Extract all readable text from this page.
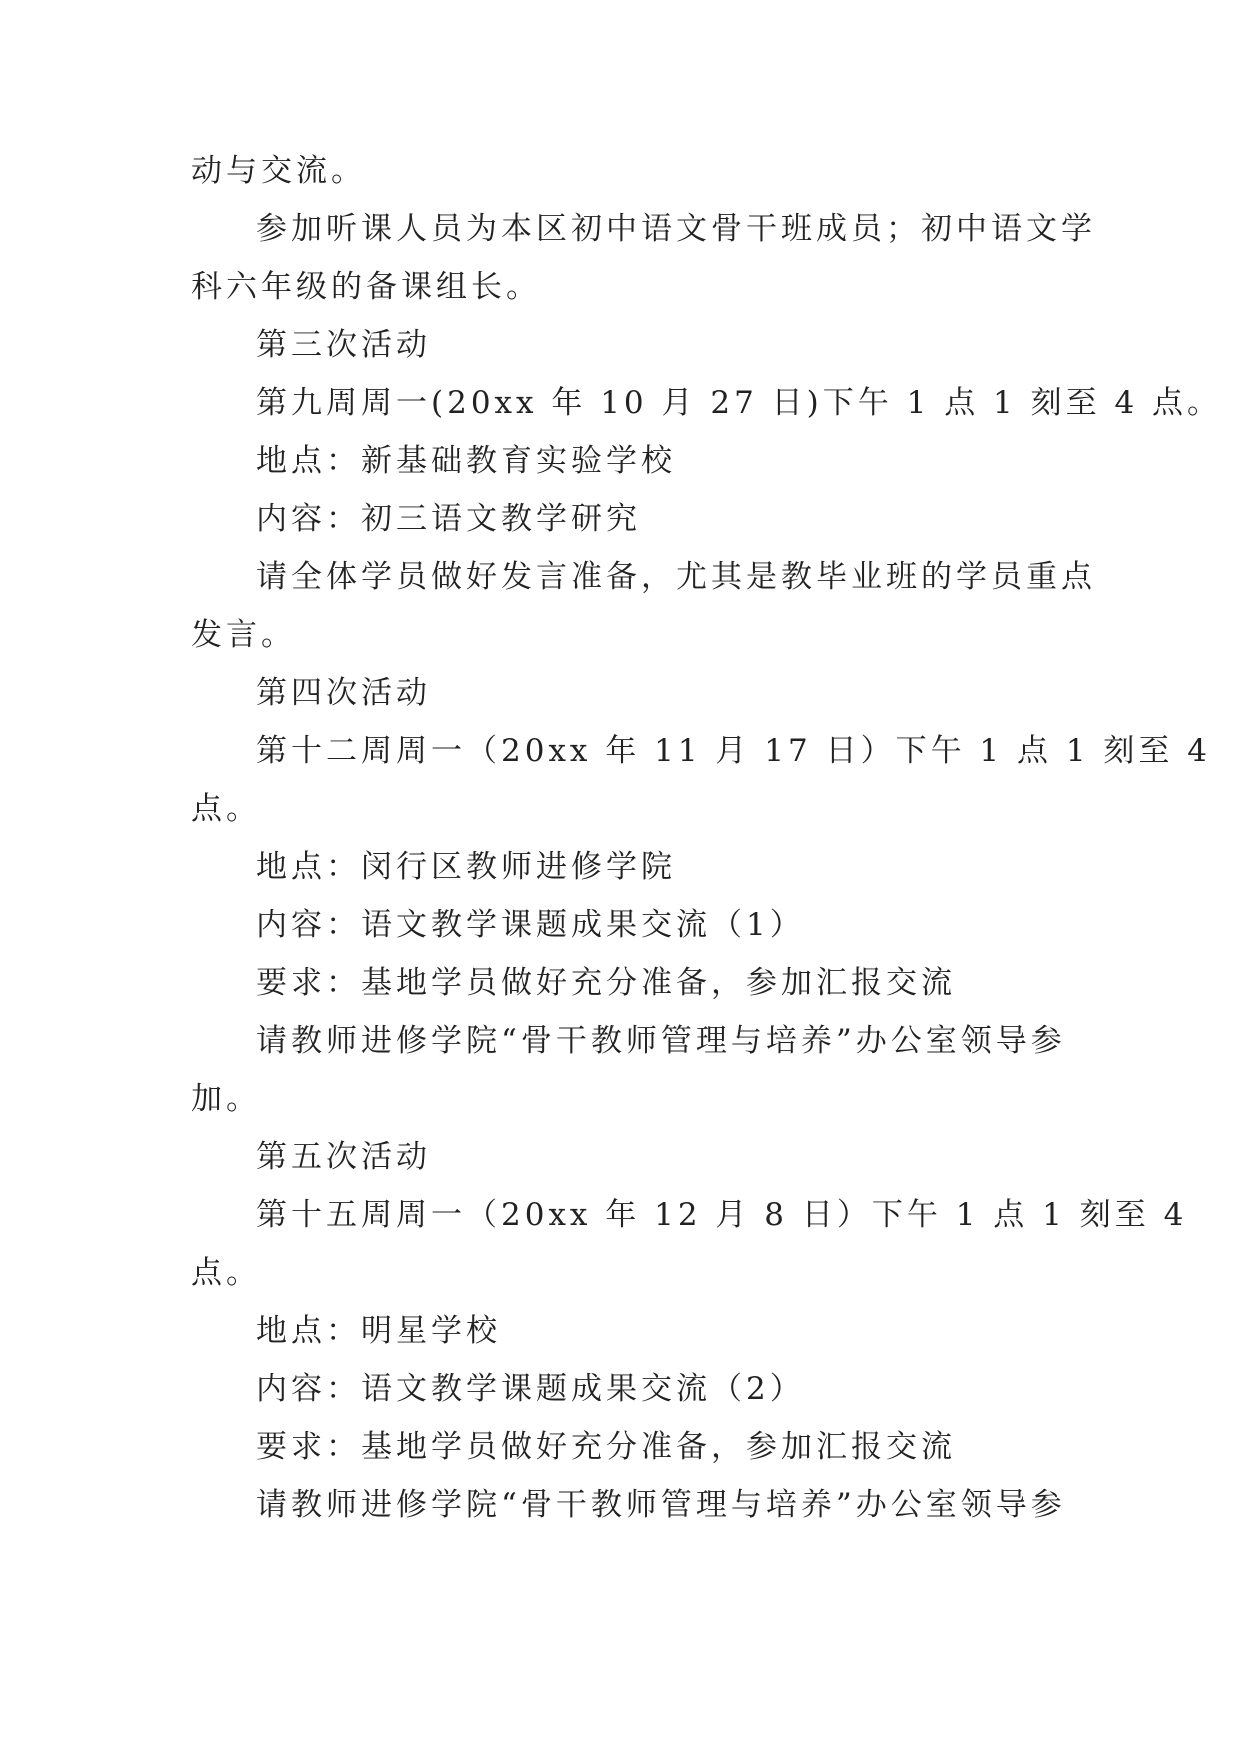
动与交流。
参加听课人员为本区初中语文骨干班成员；初中语文学
科六年级的备课组长。
第三次活动
第九周周一(20xx 年 10 月 27 日)下午 1 点 1 刻至 4 点。
地点：新基础教育实验学校
内容：初三语文教学研究
请全体学员做好发言准备，尤其是教毕业班的学员重点
发言。
第四次活动
第十二周周一（20xx 年 11 月 17 日）下午 1 点 1 刻至 4
点。
地点：闵行区教师进修学院
内容：语文教学课题成果交流（1）
要求：基地学员做好充分准备，参加汇报交流
请教师进修学院“骨干教师管理与培养”办公室领导参
加。
第五次活动
第十五周周一（20xx 年 12 月 8 日）下午 1 点 1 刻至 4
点。
地点：明星学校
内容：语文教学课题成果交流（2）
要求：基地学员做好充分准备，参加汇报交流
请教师进修学院“骨干教师管理与培养”办公室领导参
